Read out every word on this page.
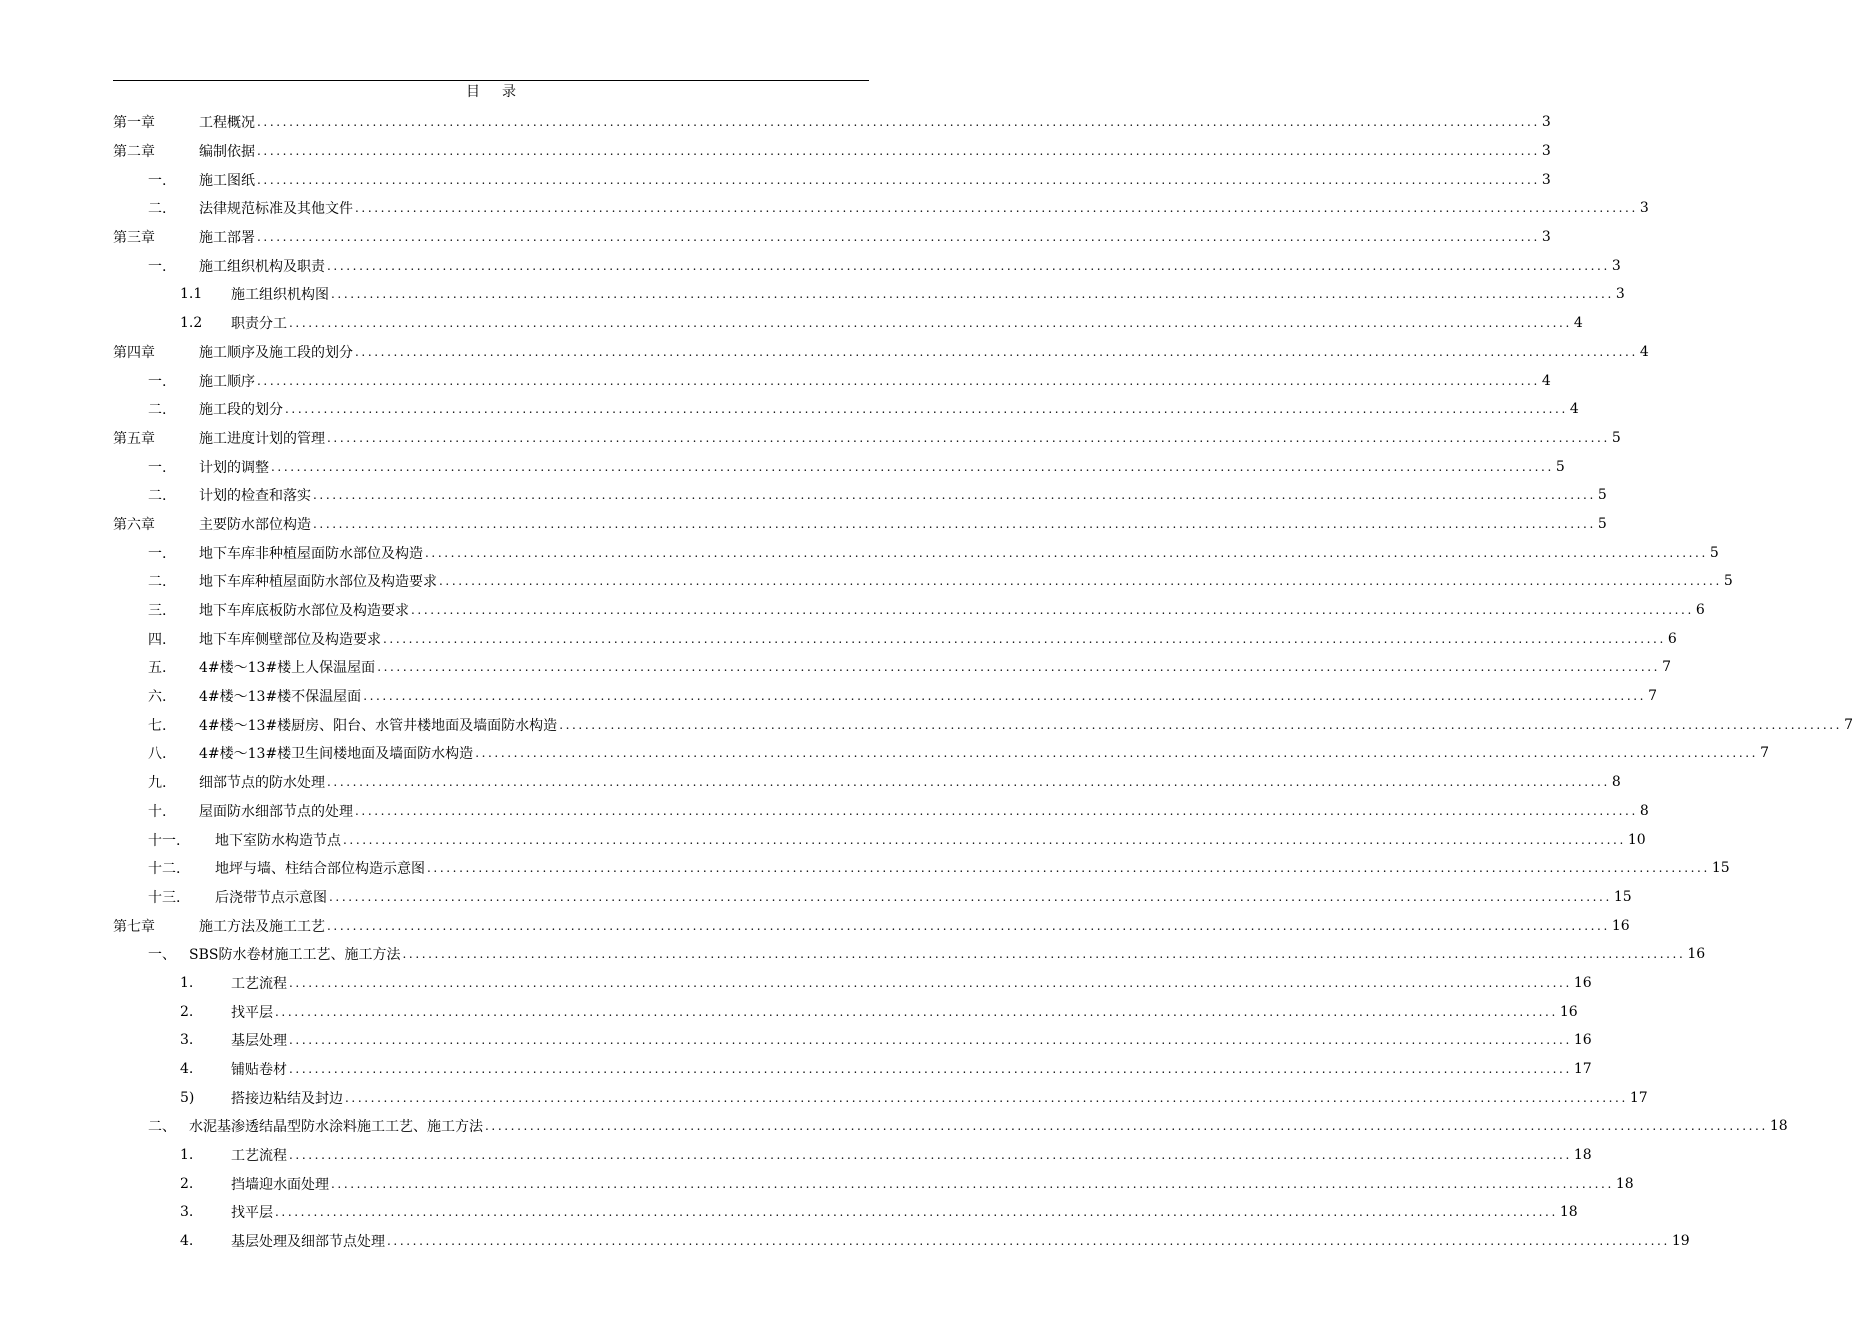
目 录
第一章	工程概况 ........................................................................................................................................................................................................ 3
第二章	编制依据 ........................................................................................................................................................................................................ 3
一.	施工图纸 ........................................................................................................................................................................................................ 3
二.	法律规范标准及其他文件 ........................................................................................................................................................................................................ 3
第三章	施工部署 ........................................................................................................................................................................................................ 3
一.	施工组织机构及职责 ........................................................................................................................................................................................................ 3
1.1	施工组织机构图 ........................................................................................................................................................................................................ 3
1.2	职责分工 ........................................................................................................................................................................................................ 4
第四章	施工顺序及施工段的划分 ........................................................................................................................................................................................................ 4
一.	施工顺序 ........................................................................................................................................................................................................ 4
二.	施工段的划分 ........................................................................................................................................................................................................ 4
第五章	施工进度计划的管理 ........................................................................................................................................................................................................ 5
一.	计划的调整 ........................................................................................................................................................................................................ 5
二.	计划的检查和落实 ........................................................................................................................................................................................................ 5
第六章	主要防水部位构造 ........................................................................................................................................................................................................ 5
一.	地下车库非种植屋面防水部位及构造 ........................................................................................................................................................................................................ 5
二.	地下车库种植屋面防水部位及构造要求 ........................................................................................................................................................................................................ 5
三.	地下车库底板防水部位及构造要求 ........................................................................................................................................................................................................ 6
四.	地下车库侧壁部位及构造要求 ........................................................................................................................................................................................................ 6
五.	4#楼～13#楼上人保温屋面 ........................................................................................................................................................................................................ 7
六.	4#楼～13#楼不保温屋面 ........................................................................................................................................................................................................ 7
七.	4#楼～13#楼厨房、阳台、水管井楼地面及墙面防水构造 ........................................................................................................................................................................................................ 7
八.	4#楼～13#楼卫生间楼地面及墙面防水构造 ........................................................................................................................................................................................................ 7
九.	细部节点的防水处理 ........................................................................................................................................................................................................ 8
十.	屋面防水细部节点的处理 ........................................................................................................................................................................................................ 8
十一.	地下室防水构造节点 ........................................................................................................................................................................................................ 10
十二.	地坪与墙、柱结合部位构造示意图 ........................................................................................................................................................................................................ 15
十三.	后浇带节点示意图 ........................................................................................................................................................................................................ 15
第七章	施工方法及施工工艺 ........................................................................................................................................................................................................ 16
一、 SBS防水卷材施工工艺、施工方法 ........................................................................................................................................................................................................ 16
1.	工艺流程 ........................................................................................................................................................................................................ 16
2.	找平层 ........................................................................................................................................................................................................ 16
3.	基层处理 ........................................................................................................................................................................................................ 16
4.	铺贴卷材 ........................................................................................................................................................................................................ 17
5)	搭接边粘结及封边 ........................................................................................................................................................................................................ 17
二、 水泥基渗透结晶型防水涂料施工工艺、施工方法 ........................................................................................................................................................................................................ 18
1.	工艺流程 ........................................................................................................................................................................................................ 18
2.	挡墙迎水面处理 ........................................................................................................................................................................................................ 18
3.	找平层 ........................................................................................................................................................................................................ 18
4.	基层处理及细部节点处理 ........................................................................................................................................................................................................ 19
